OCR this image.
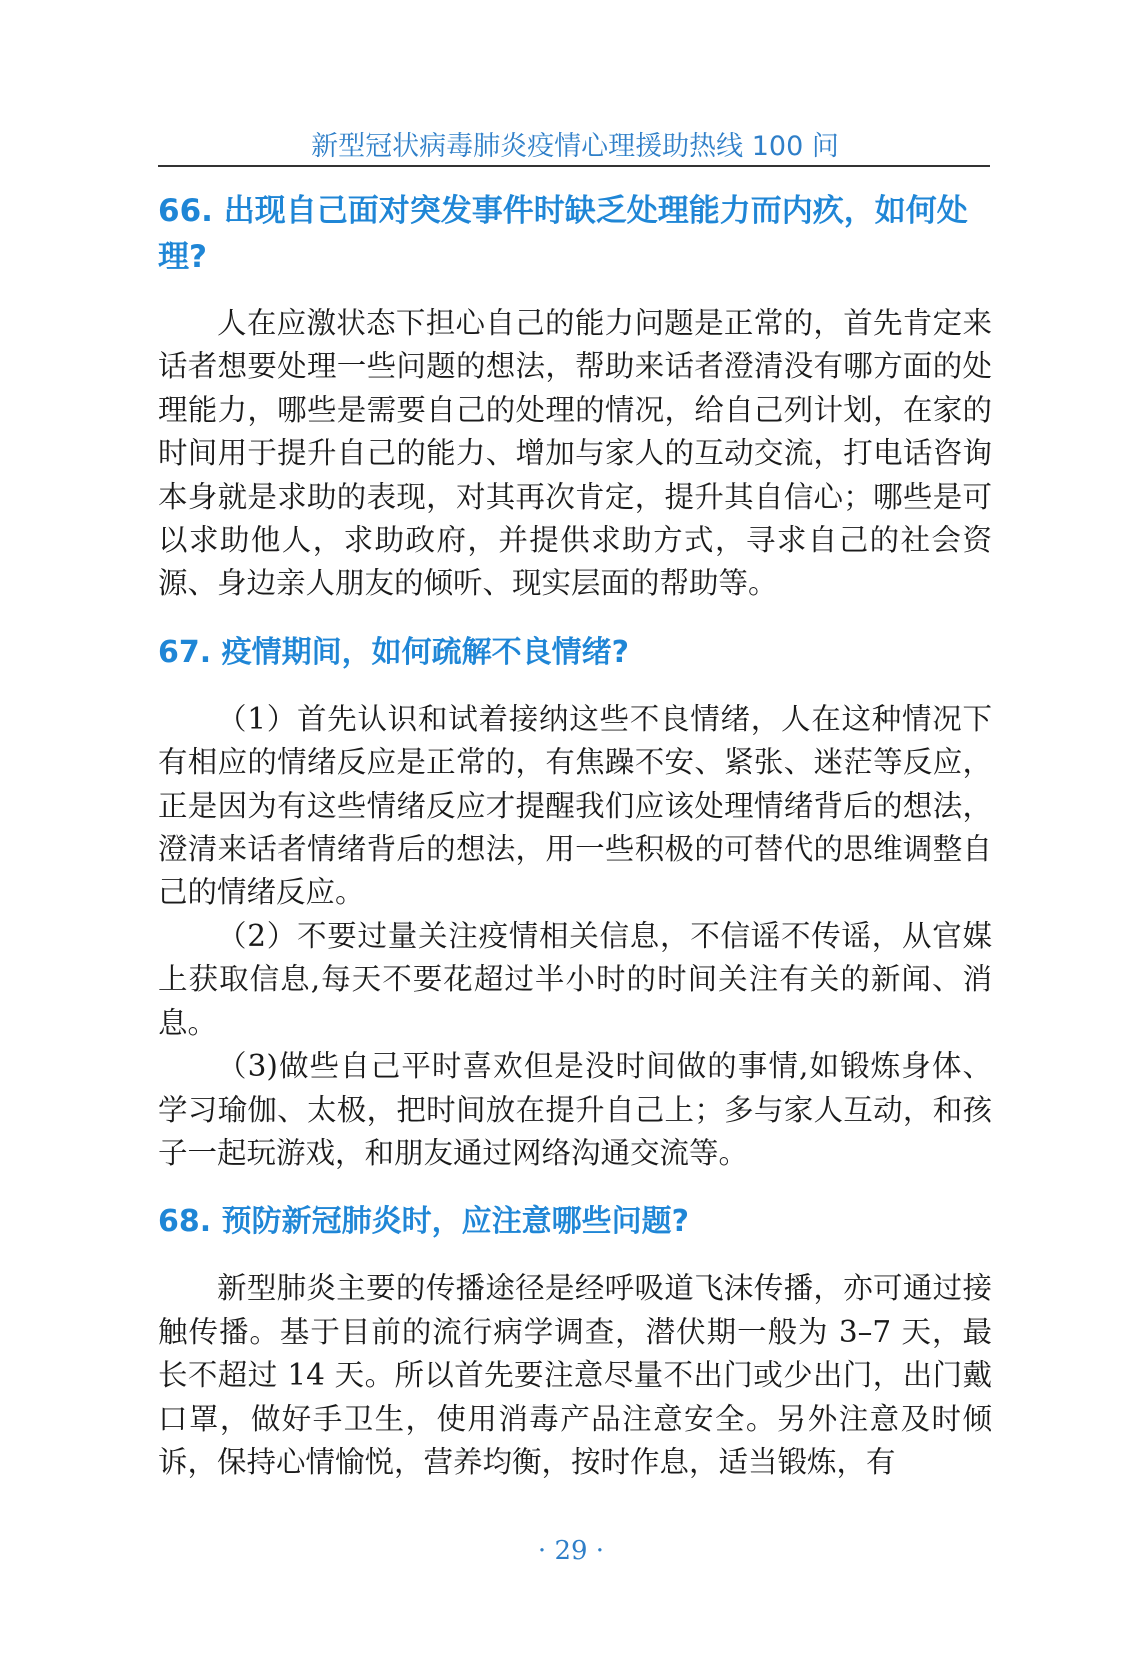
新型冠状病毒肺炎疫情心理援助热线 100 问
66. 出现自己面对突发事件时缺乏处理能力而内疚，如何处理?

人在应激状态下担心自己的能力问题是正常的，首先肯定来话者想要处理一些问题的想法，帮助来话者澄清没有哪方面的处理能力，哪些是需要自己的处理的情况，给自己列计划，在家的时间用于提升自己的能力、增加与家人的互动交流，打电话咨询本身就是求助的表现，对其再次肯定，提升其自信心；哪些是可以求助他人，求助政府，并提供求助方式，寻求自己的社会资源、身边亲人朋友的倾听、现实层面的帮助等。

67. 疫情期间，如何疏解不良情绪?

（1）首先认识和试着接纳这些不良情绪，人在这种情况下有相应的情绪反应是正常的，有焦躁不安、紧张、迷茫等反应，正是因为有这些情绪反应才提醒我们应该处理情绪背后的想法，澄清来话者情绪背后的想法，用一些积极的可替代的思维调整自己的情绪反应。

（2）不要过量关注疫情相关信息，不信谣不传谣，从官媒上获取信息,每天不要花超过半小时的时间关注有关的新闻、消息。

（3)做些自己平时喜欢但是没时间做的事情,如锻炼身体、学习瑜伽、太极，把时间放在提升自己上；多与家人互动，和孩子一起玩游戏，和朋友通过网络沟通交流等。

68. 预防新冠肺炎时，应注意哪些问题?

新型肺炎主要的传播途径是经呼吸道飞沫传播，亦可通过接触传播。基于目前的流行病学调查，潜伏期一般为 3–7 天，最长不超过 14 天。所以首先要注意尽量不出门或少出门，出门戴口罩，做好手卫生，使用消毒产品注意安全。另外注意及时倾诉，保持心情愉悦，营养均衡，按时作息，适当锻炼，有

· 29 ·
